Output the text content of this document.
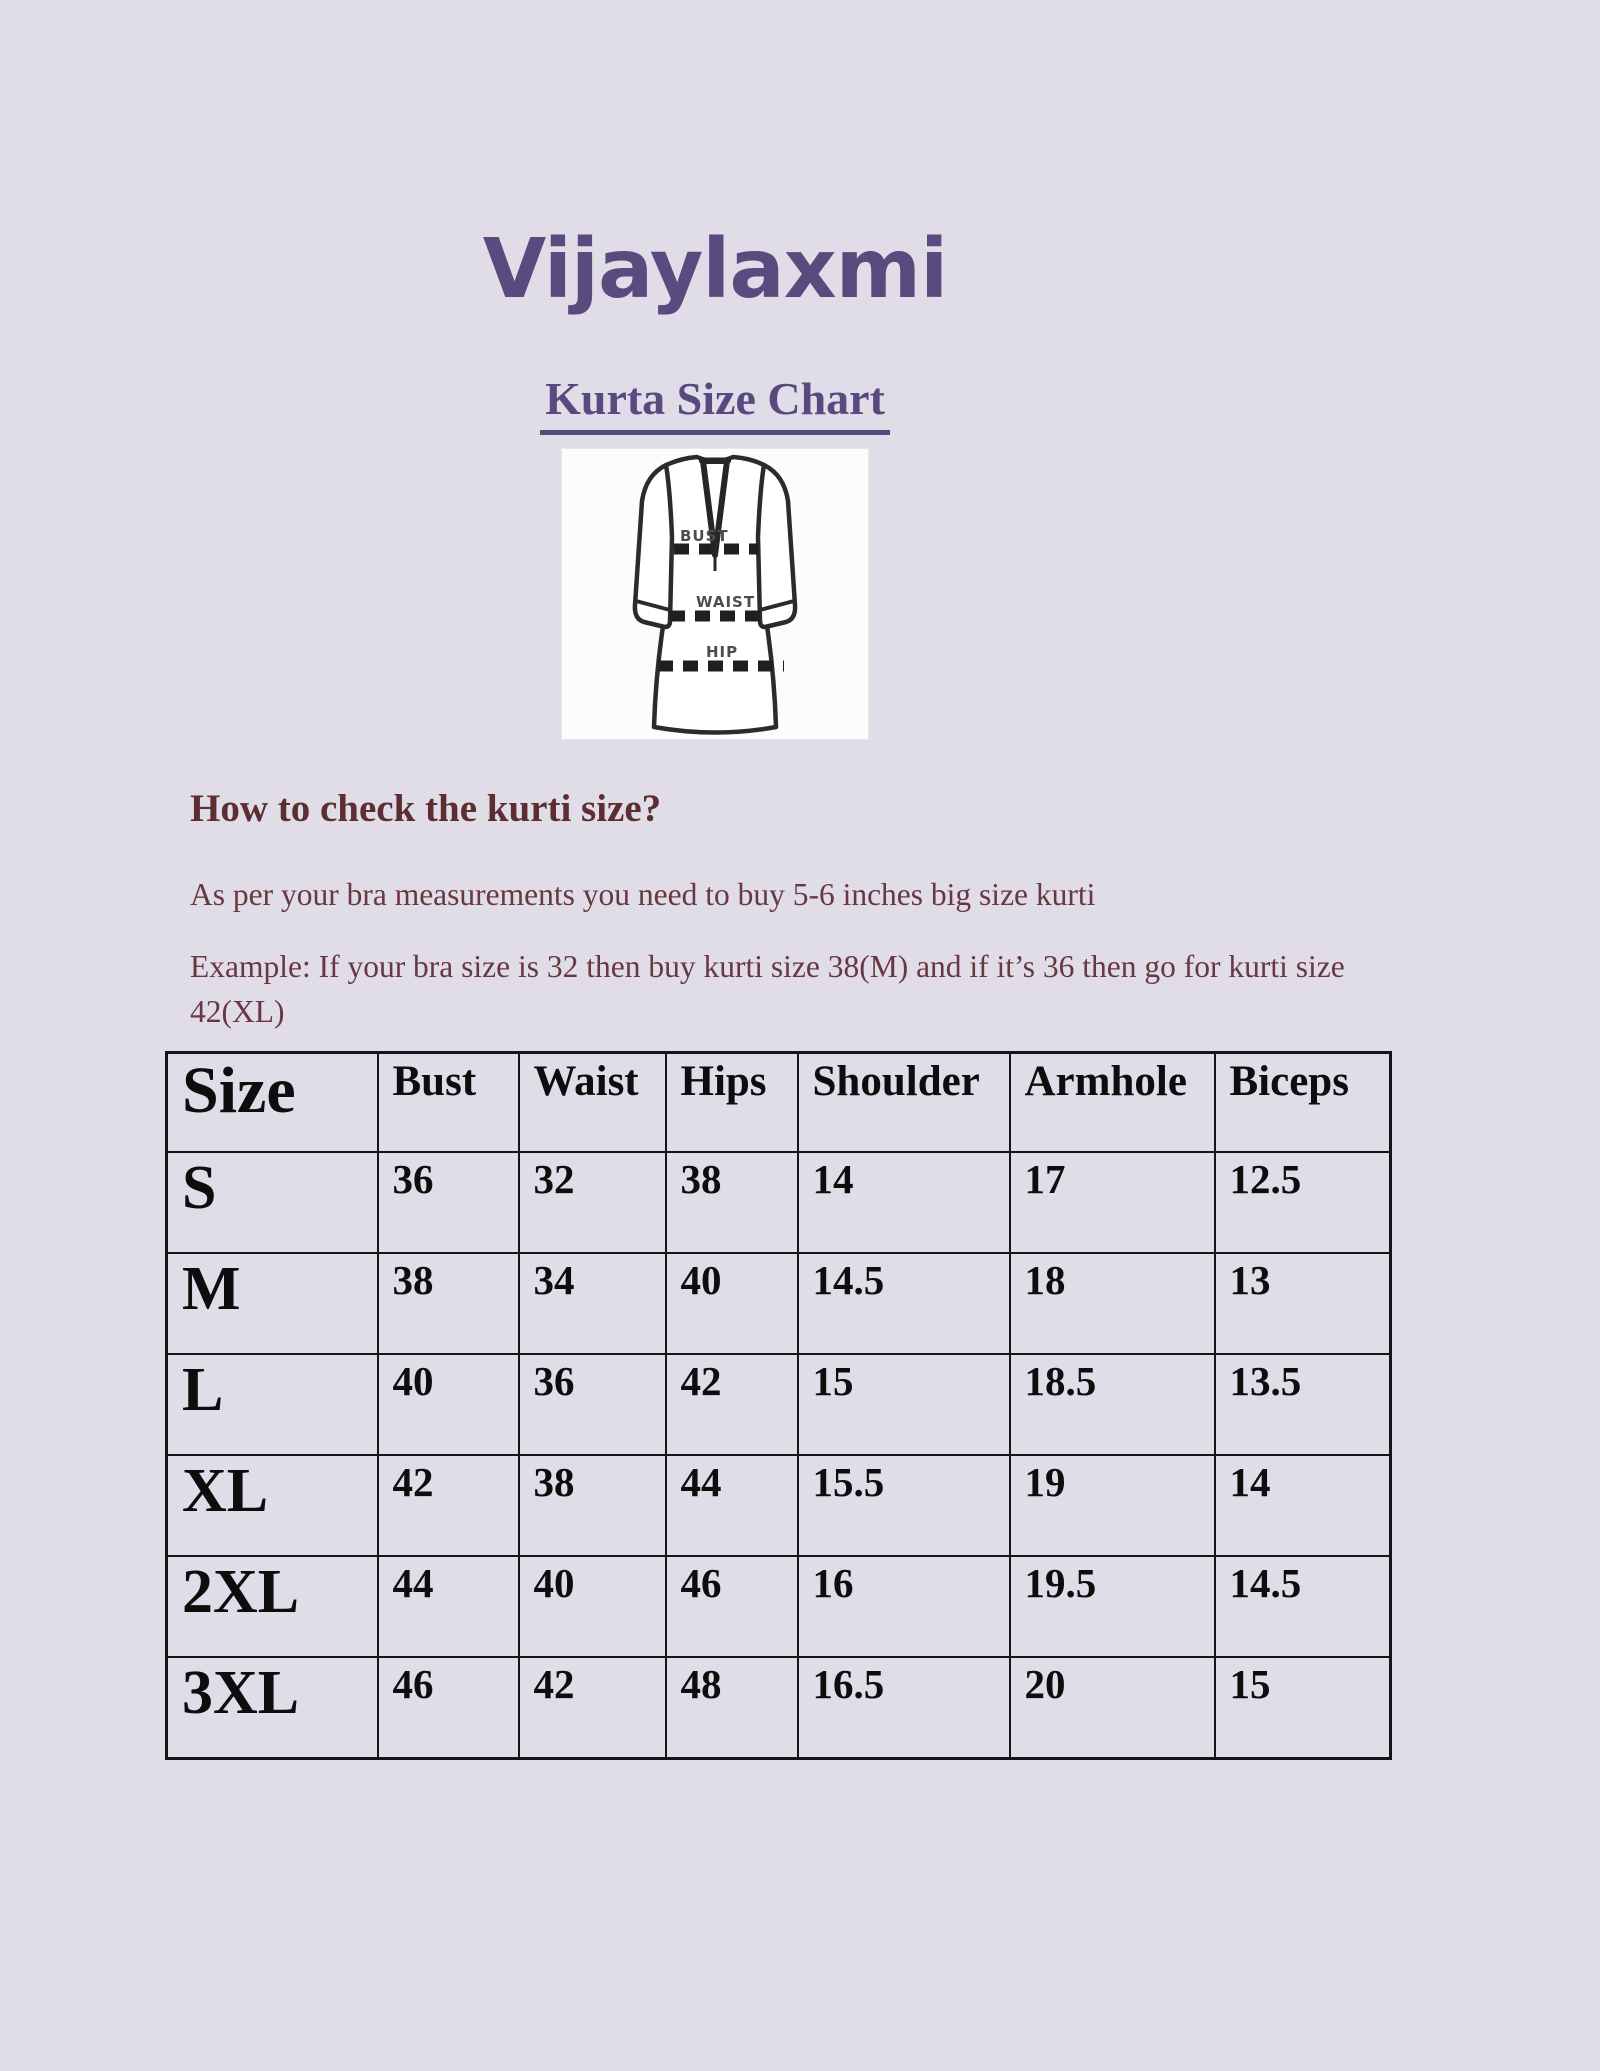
Vijaylaxmi
Kurta Size Chart
BUST
WAIST
HIP
How to check the kurti size?

As per your bra measurements you need to buy 5-6 inches big size kurti

Example: If your bra size is 32 then buy kurti size 38(M) and if it’s 36 then go for kurti size 42(XL)

Size	Bust	Waist	Hips	Shoulder	Armhole	Biceps
S	36	32	38	14	17	12.5
M	38	34	40	14.5	18	13
L	40	36	42	15	18.5	13.5
XL	42	38	44	15.5	19	14
2XL	44	40	46	16	19.5	14.5
3XL	46	42	48	16.5	20	15
